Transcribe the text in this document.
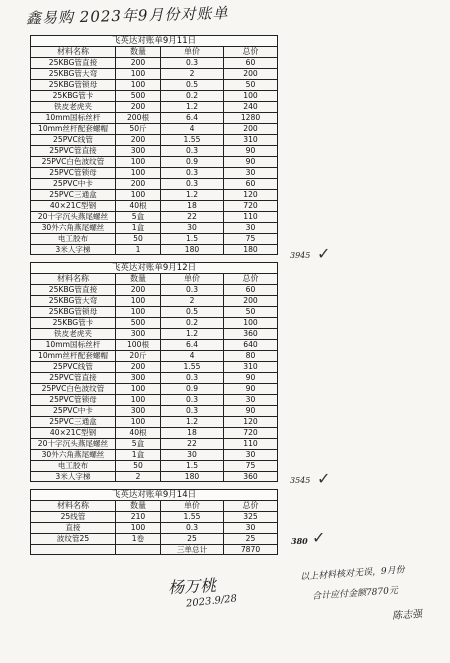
鑫易购 2023年9月份对账单
飞英达对账单9月11日
材料名称	数量	单价	总价
25KBG管直接	200	0.3	60
25KBG管大弯	100	2	200
25KBG管锁母	100	0.5	50
25KBG管卡	500	0.2	100
铁皮老虎夹	200	1.2	240
10mm国标丝杆	200根	6.4	1280
10mm丝杆配套螺帽	50斤	4	200
25PVC线管	200	1.55	310
25PVC管直接	300	0.3	90
25PVC白色波纹管	100	0.9	90
25PVC管锁母	100	0.3	30
25PVC中卡	200	0.3	60
25PVC三通盒	100	1.2	120
40×21C型钢	40根	18	720
20十字沉头燕尾螺丝	5盒	22	110
30外六角燕尾螺丝	1盒	30	30
电工胶布	50	1.5	75
3米人字梯	1	180	180
飞英达对账单9月12日
材料名称	数量	单价	总价
25KBG管直接	200	0.3	60
25KBG管大弯	100	2	200
25KBG管锁母	100	0.5	50
25KBG管卡	500	0.2	100
铁皮老虎夹	300	1.2	360
10mm国标丝杆	100根	6.4	640
10mm丝杆配套螺帽	20斤	4	80
25PVC线管	200	1.55	310
25PVC管直接	300	0.3	90
25PVC白色波纹管	100	0.9	90
25PVC管锁母	100	0.3	30
25PVC中卡	300	0.3	90
25PVC三通盒	100	1.2	120
40×21C型钢	40根	18	720
20十字沉头燕尾螺丝	5盒	22	110
30外六角燕尾螺丝	1盒	30	30
电工胶布	50	1.5	75
3米人字梯	2	180	360
飞英达对账单9月14日
材料名称	数量	单价	总价
25线管	210	1.55	325
直接	100	0.3	30
波纹管25	1卷	25	25
三单总计	7870
3945 ✓
3545 ✓
380 ✓
杨万桃
2023.9/28
以上材料核对无误，9月份
合计应付金额7870元
陈志强
